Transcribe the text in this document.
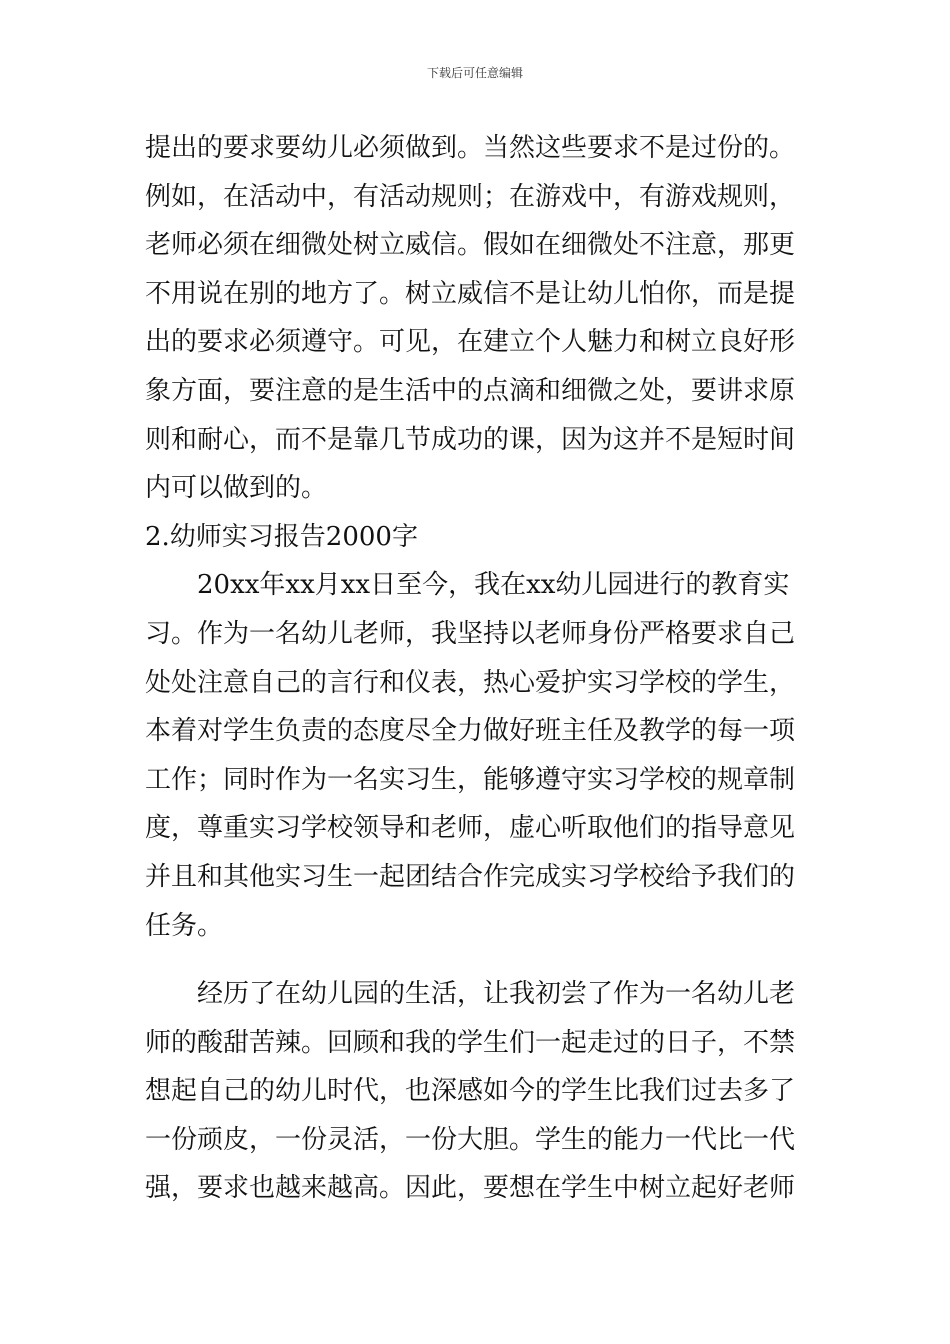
下载后可任意编辑
提出的要求要幼儿必须做到。当然这些要求不是过份的。
例如，在活动中，有活动规则；在游戏中，有游戏规则，
老师必须在细微处树立威信。假如在细微处不注意，那更
不用说在别的地方了。树立威信不是让幼儿怕你，而是提
出的要求必须遵守。可见，在建立个人魅力和树立良好形
象方面，要注意的是生活中的点滴和细微之处，要讲求原
则和耐心，而不是靠几节成功的课，因为这并不是短时间
内可以做到的。
2.幼师实习报告2000字
20xx年xx月xx日至今，我在xx幼儿园进行的教育实
习。作为一名幼儿老师，我坚持以老师身份严格要求自己
处处注意自己的言行和仪表，热心爱护实习学校的学生，
本着对学生负责的态度尽全力做好班主任及教学的每一项
工作；同时作为一名实习生，能够遵守实习学校的规章制
度，尊重实习学校领导和老师，虚心听取他们的指导意见
并且和其他实习生一起团结合作完成实习学校给予我们的
任务。
经历了在幼儿园的生活，让我初尝了作为一名幼儿老
师的酸甜苦辣。回顾和我的学生们一起走过的日子，不禁
想起自己的幼儿时代，也深感如今的学生比我们过去多了
一份顽皮，一份灵活，一份大胆。学生的能力一代比一代
强，要求也越来越高。因此，要想在学生中树立起好老师
